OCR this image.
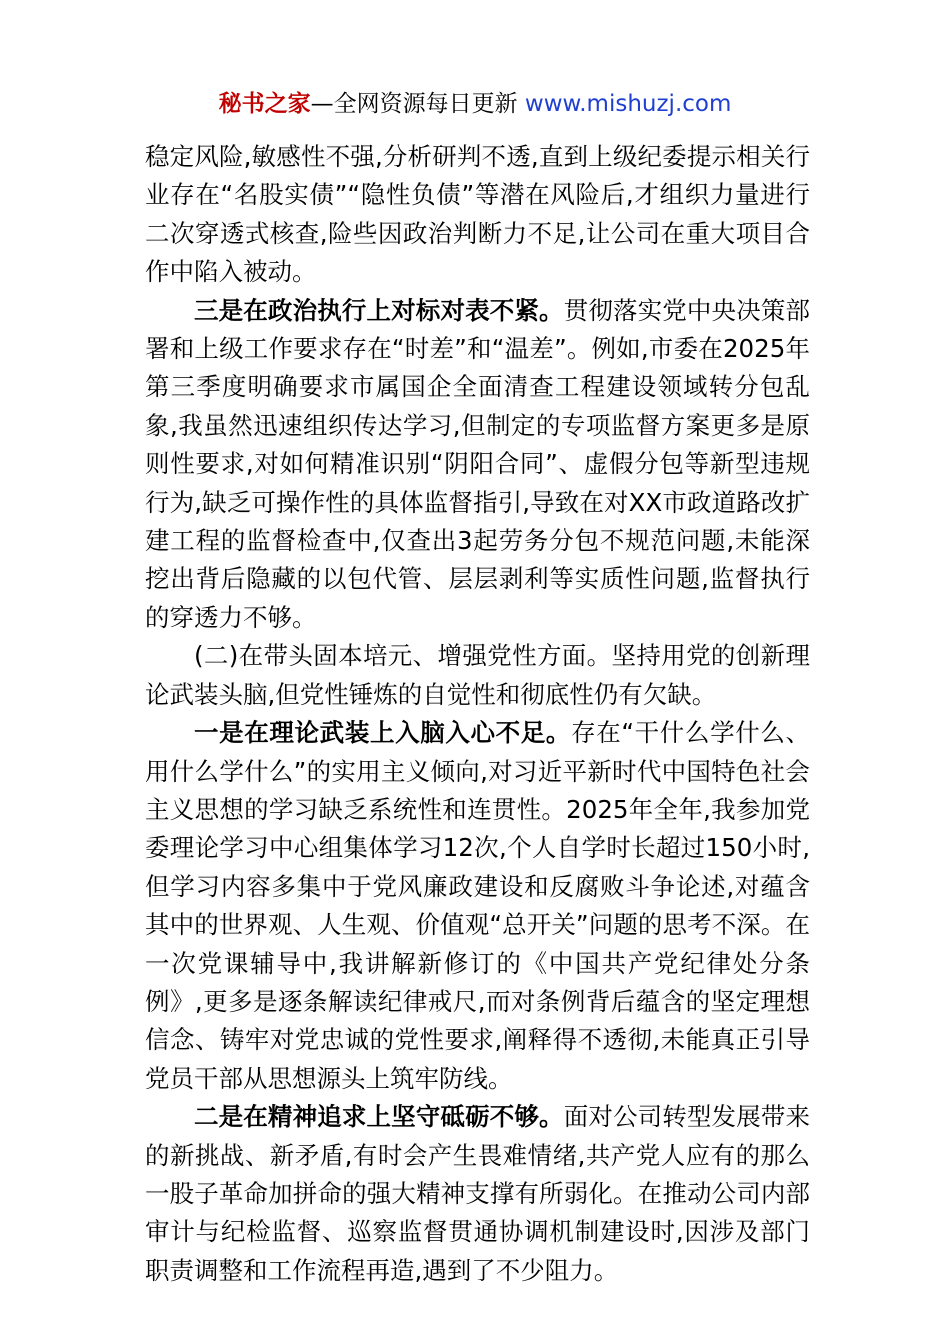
秘书之家—全网资源每日更新 www.mishuzj.com

稳定风险,敏感性不强,分析研判不透,直到上级纪委提示相关行业存在“名股实债”“隐性负债”等潜在风险后,才组织力量进行二次穿透式核查,险些因政治判断力不足,让公司在重大项目合作中陷入被动。

三是在政治执行上对标对表不紧。贯彻落实党中央决策部署和上级工作要求存在“时差”和“温差”。例如,市委在2025年第三季度明确要求市属国企全面清查工程建设领域转分包乱象,我虽然迅速组织传达学习,但制定的专项监督方案更多是原则性要求,对如何精准识别“阴阳合同”、虚假分包等新型违规行为,缺乏可操作性的具体监督指引,导致在对XX市政道路改扩建工程的监督检查中,仅查出3起劳务分包不规范问题,未能深挖出背后隐藏的以包代管、层层剥利等实质性问题,监督执行的穿透力不够。

(二)在带头固本培元、增强党性方面。坚持用党的创新理论武装头脑,但党性锤炼的自觉性和彻底性仍有欠缺。

一是在理论武装上入脑入心不足。存在“干什么学什么、用什么学什么”的实用主义倾向,对习近平新时代中国特色社会主义思想的学习缺乏系统性和连贯性。2025年全年,我参加党委理论学习中心组集体学习12次,个人自学时长超过150小时,但学习内容多集中于党风廉政建设和反腐败斗争论述,对蕴含其中的世界观、人生观、价值观“总开关”问题的思考不深。在一次党课辅导中,我讲解新修订的《中国共产党纪律处分条例》,更多是逐条解读纪律戒尺,而对条例背后蕴含的坚定理想信念、铸牢对党忠诚的党性要求,阐释得不透彻,未能真正引导党员干部从思想源头上筑牢防线。

二是在精神追求上坚守砥砺不够。面对公司转型发展带来的新挑战、新矛盾,有时会产生畏难情绪,共产党人应有的那么一股子革命加拼命的强大精神支撑有所弱化。在推动公司内部审计与纪检监督、巡察监督贯通协调机制建设时,因涉及部门职责调整和工作流程再造,遇到了不少阻力。
